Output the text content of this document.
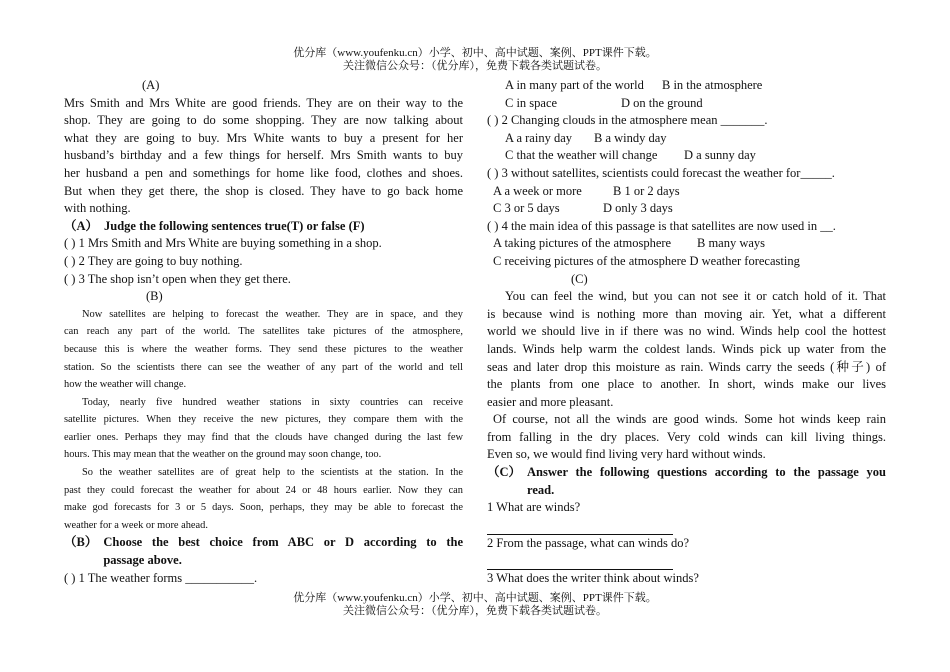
优分库（www.youfenku.cn）小学、初中、高中试题、案例、PPT课件下载。
关注微信公众号：（优分库），免费下载各类试题试卷。
(A)
Mrs Smith and Mrs White are good friends. They are on their way to the
shop. They are going to do some shopping. They are now talking about
what they are going to buy. Mrs White wants to buy a present for her
husband’s birthday and a few things for herself. Mrs Smith wants to buy
her husband a pen and somethings for home like food, clothes and shoes.
But when they get there, the shop is closed. They have to go back home
with nothing.
（A） Judge the following sentences true(T) or false (F)
( ) 1 Mrs Smith and Mrs White are buying something in a shop.
( ) 2 They are going to buy nothing.
( ) 3 The shop isn’t open when they get there.
(B)
Now satellites are helping to forecast the weather. They are in space, and they
can reach any part of the world. The satellites take pictures of the atmosphere,
because this is where the weather forms. They send these pictures to the weather
station. So the scientists there can see the weather of any part of the world and tell
how the weather will change.
Today, nearly five hundred weather stations in sixty countries can receive
satellite pictures. When they receive the new pictures, they compare them with the
earlier ones. Perhaps they may find that the clouds have changed during the last few
hours. This may mean that the weather on the ground may soon change, too.
So the weather satellites are of great help to the scientists at the station. In the
past they could forecast the weather for about 24 or 48 hours earlier. Now they can
make god forecasts for 3 or 5 days. Soon, perhaps, they may be able to forecast the
weather for a week or more ahead.
（B） Choose the best choice from ABC or D according to the
passage above.
( ) 1 The weather forms ___________.
A in many part of the world B in the atmosphere
C in space	D on the ground
( ) 2 Changing clouds in the atmosphere mean _______.
A a rainy day B a windy day
C that the weather will change D a sunny day
( ) 3 without satellites, scientists could forecast the weather for_____.
A a week or more B 1 or 2 days
C 3 or 5 days	D only 3 days
( ) 4 the main idea of this passage is that satellites are now used in __.
A taking pictures of the atmosphere B many ways
C receiving pictures of the atmosphere D weather forecasting
(C)
You can feel the wind, but you can not see it or catch hold of it. That
is because wind is nothing more than moving air. Yet, what a different
world we should live in if there was no wind. Winds help cool the hottest
lands. Winds help warm the coldest lands. Winds pick up water from the
seas and later drop this moisture as rain. Winds carry the seeds (种子) of
the plants from one place to another. In short, winds make our lives
easier and more pleasant.
Of course, not all the winds are good winds. Some hot winds keep rain
from falling in the dry places. Very cold winds can kill living things.
Even so, we would find living very hard without winds.
（C） Answer the following questions according to the passage you
read.
1 What are winds?
2 From the passage, what can winds do?
3 What does the writer think about winds?
优分库（www.youfenku.cn）小学、初中、高中试题、案例、PPT课件下载。
关注微信公众号：（优分库），免费下载各类试题试卷。
